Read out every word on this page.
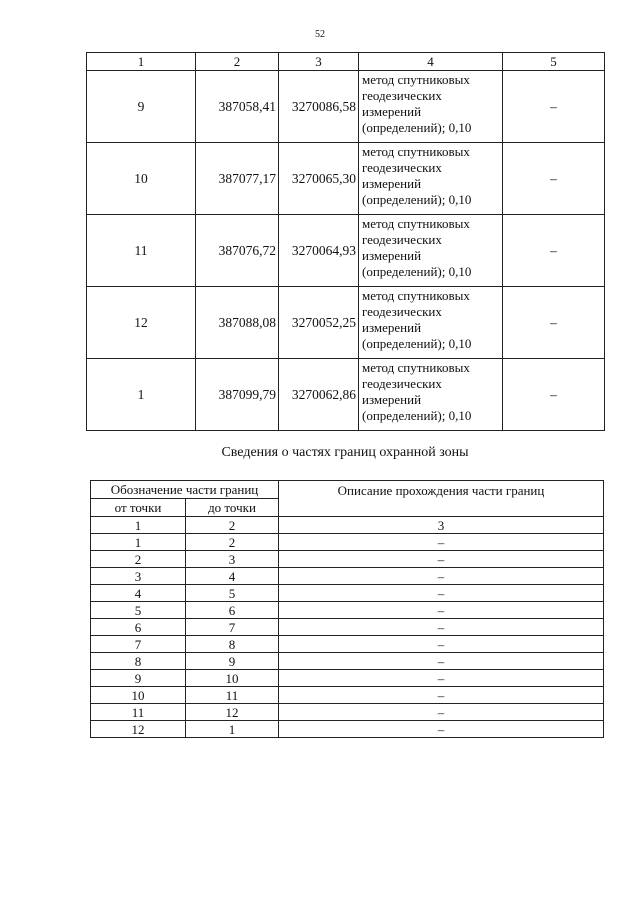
52
1	2	3	4	5
9	387058,41	3270086,58	метод спутниковых
геодезических
измерений
(определений); 0,10	–
10	387077,17	3270065,30	метод спутниковых
геодезических
измерений
(определений); 0,10	–
11	387076,72	3270064,93	метод спутниковых
геодезических
измерений
(определений); 0,10	–
12	387088,08	3270052,25	метод спутниковых
геодезических
измерений
(определений); 0,10	–
1	387099,79	3270062,86	метод спутниковых
геодезических
измерений
(определений); 0,10	–
Сведения о частях границ охранной зоны
Обозначение части границ		Описание прохождения части границ
от точки	до точки	
1	2	3
1	2	–
2	3	–
3	4	–
4	5	–
5	6	–
6	7	–
7	8	–
8	9	–
9	10	–
10	11	–
11	12	–
12	1	–
